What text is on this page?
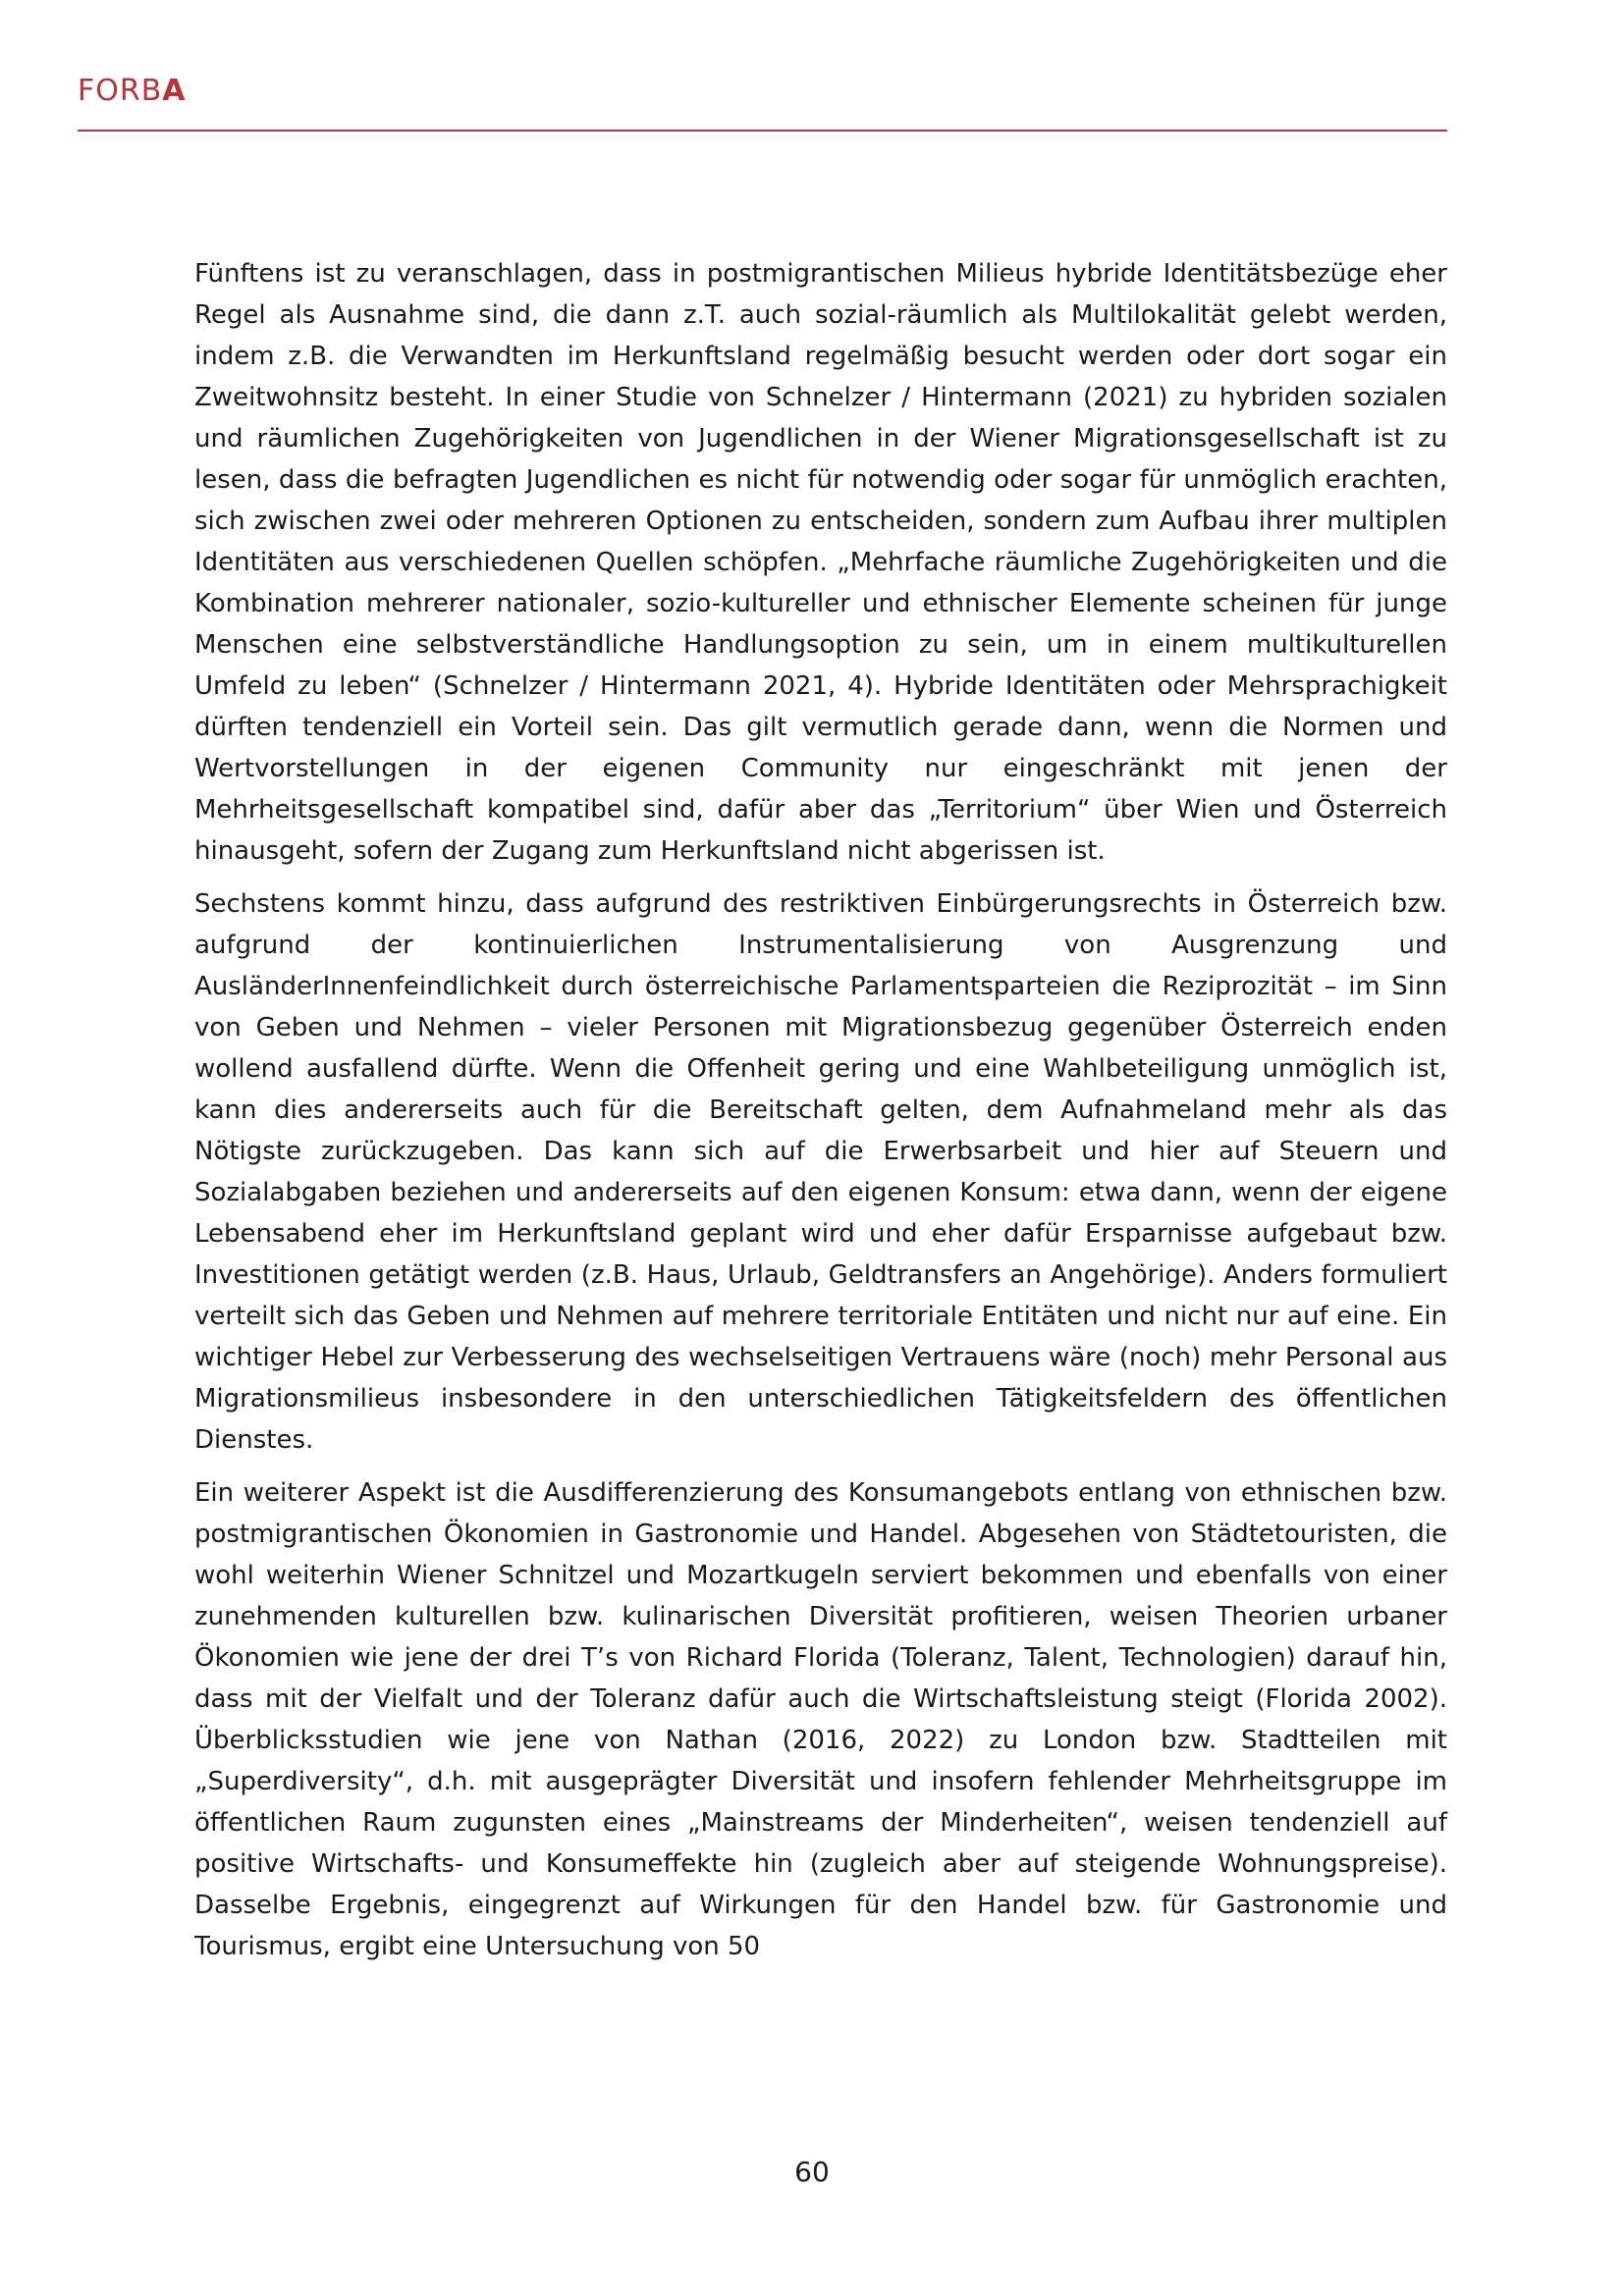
FORBA

Fünftens ist zu veranschlagen, dass in postmigrantischen Milieus hybride Identitätsbezüge eher Regel als Ausnahme sind, die dann z.T. auch sozial-räumlich als Multilokalität gelebt werden, indem z.B. die Verwandten im Herkunftsland regelmäßig besucht werden oder dort sogar ein Zweitwohnsitz besteht. In einer Studie von Schnelzer / Hintermann (2021) zu hybriden sozialen und räumlichen Zugehörigkeiten von Jugendlichen in der Wiener Migrationsgesellschaft ist zu lesen, dass die befragten Jugendlichen es nicht für notwendig oder sogar für unmöglich erachten, sich zwischen zwei oder mehreren Optionen zu entscheiden, sondern zum Aufbau ihrer multiplen Identitäten aus verschiedenen Quellen schöpfen. „Mehrfache räumliche Zugehörigkeiten und die Kombination mehrerer nationaler, sozio-kultureller und ethnischer Elemente scheinen für junge Menschen eine selbstverständliche Handlungsoption zu sein, um in einem multikulturellen Umfeld zu leben“ (Schnelzer / Hintermann 2021, 4). Hybride Identitäten oder Mehrsprachigkeit dürften tendenziell ein Vorteil sein. Das gilt vermutlich gerade dann, wenn die Normen und Wertvorstellungen in der eigenen Community nur eingeschränkt mit jenen der Mehrheitsgesellschaft kompatibel sind, dafür aber das „Territorium“ über Wien und Österreich hinausgeht, sofern der Zugang zum Herkunftsland nicht abgerissen ist.

Sechstens kommt hinzu, dass aufgrund des restriktiven Einbürgerungsrechts in Österreich bzw. aufgrund der kontinuierlichen Instrumentalisierung von Ausgrenzung und AusländerInnenfeindlichkeit durch österreichische Parlamentsparteien die Reziprozität – im Sinn von Geben und Nehmen – vieler Personen mit Migrationsbezug gegenüber Österreich enden wollend ausfallend dürfte. Wenn die Offenheit gering und eine Wahlbeteiligung unmöglich ist, kann dies andererseits auch für die Bereitschaft gelten, dem Aufnahmeland mehr als das Nötigste zurückzugeben. Das kann sich auf die Erwerbsarbeit und hier auf Steuern und Sozialabgaben beziehen und andererseits auf den eigenen Konsum: etwa dann, wenn der eigene Lebensabend eher im Herkunftsland geplant wird und eher dafür Ersparnisse aufgebaut bzw. Investitionen getätigt werden (z.B. Haus, Urlaub, Geldtransfers an Angehörige). Anders formuliert verteilt sich das Geben und Nehmen auf mehrere territoriale Entitäten und nicht nur auf eine. Ein wichtiger Hebel zur Verbesserung des wechselseitigen Vertrauens wäre (noch) mehr Personal aus Migrationsmilieus insbesondere in den unterschiedlichen Tätigkeitsfeldern des öffentlichen Dienstes.

Ein weiterer Aspekt ist die Ausdifferenzierung des Konsumangebots entlang von ethnischen bzw. postmigrantischen Ökonomien in Gastronomie und Handel. Abgesehen von Städtetouristen, die wohl weiterhin Wiener Schnitzel und Mozartkugeln serviert bekommen und ebenfalls von einer zunehmenden kulturellen bzw. kulinarischen Diversität profitieren, weisen Theorien urbaner Ökonomien wie jene der drei T’s von Richard Florida (Toleranz, Talent, Technologien) darauf hin, dass mit der Vielfalt und der Toleranz dafür auch die Wirtschaftsleistung steigt (Florida 2002). Überblicksstudien wie jene von Nathan (2016, 2022) zu London bzw. Stadtteilen mit „Superdiversity“, d.h. mit ausgeprägter Diversität und insofern fehlender Mehrheitsgruppe im öffentlichen Raum zugunsten eines „Mainstreams der Minderheiten“, weisen tendenziell auf positive Wirtschafts- und Konsumeffekte hin (zugleich aber auf steigende Wohnungspreise). Dasselbe Ergebnis, eingegrenzt auf Wirkungen für den Handel bzw. für Gastronomie und Tourismus, ergibt eine Untersuchung von 50

60
